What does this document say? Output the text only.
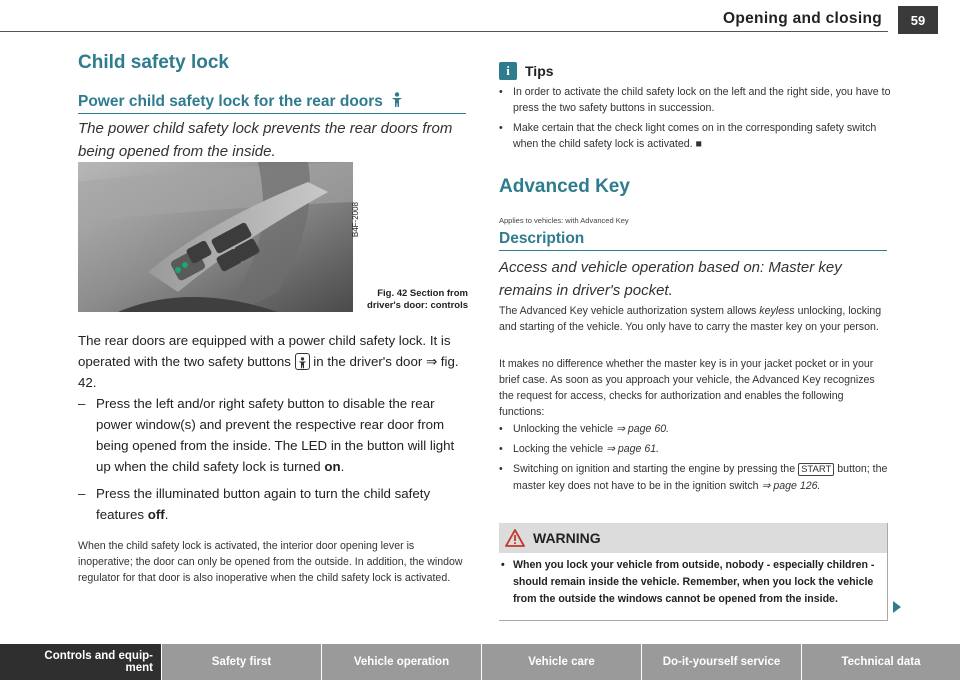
Opening and closing	59
Child safety lock
Power child safety lock for the rear doors
The power child safety lock prevents the rear doors from being opened from the inside.
B4F-2008
Fig. 42 Section from
driver's door: controls
The rear doors are equipped with a power child safety lock. It is operated with the two safety buttons in the driver's door ⇒ fig. 42.
– Press the left and/or right safety button to disable the rear power window(s) and prevent the respective rear door from being opened from the inside. The LED in the button will light up when the child safety lock is turned on.
– Press the illuminated button again to turn the child safety features off.
When the child safety lock is activated, the interior door opening lever is inoperative; the door can only be opened from the outside. In addition, the window regulator for that door is also inoperative when the child safety lock is activated.
i	Tips
• In order to activate the child safety lock on the left and the right side, you have to press the two safety buttons in succession.
• Make certain that the check light comes on in the corresponding safety switch when the child safety lock is activated. ■
Advanced Key
Applies to vehicles: with Advanced Key
Description
Access and vehicle operation based on: Master key remains in driver's pocket.
The Advanced Key vehicle authorization system allows keyless unlocking, locking and starting of the vehicle. You only have to carry the master key on your person.
It makes no difference whether the master key is in your jacket pocket or in your brief case. As soon as you approach your vehicle, the Advanced Key recognizes the request for access, checks for authorization and enables the following functions:
• Unlocking the vehicle ⇒ page 60.
• Locking the vehicle ⇒ page 61.
• Switching on ignition and starting the engine by pressing the START button; the master key does not have to be in the ignition switch ⇒ page 126.
WARNING
• When you lock your vehicle from outside, nobody - especially children - should remain inside the vehicle. Remember, when you lock the vehicle from the outside the windows cannot be opened from the inside.
Controls and equip-
ment	Safety first	Vehicle operation	Vehicle care	Do-it-yourself service	Technical data
